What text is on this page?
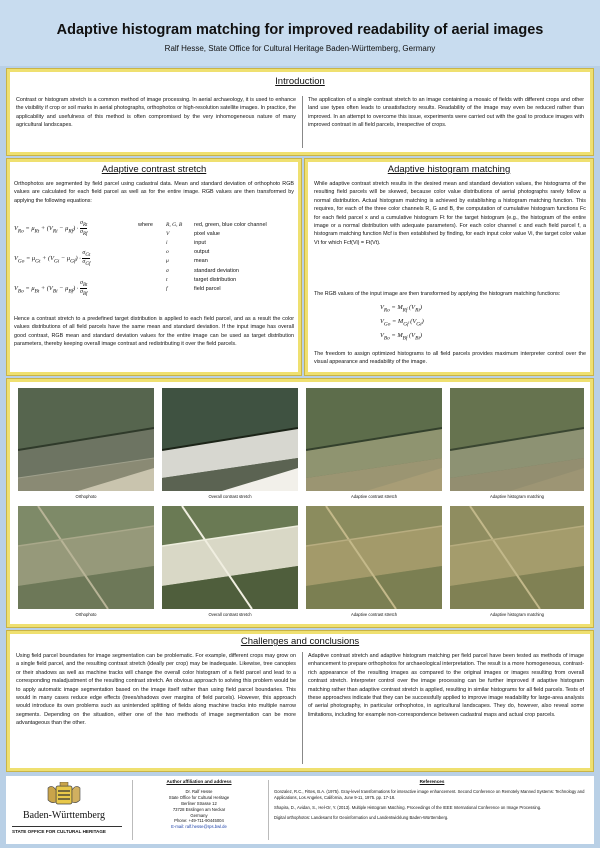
Adaptive histogram matching for improved readability of aerial images
Ralf Hesse, State Office for Cultural Heritage Baden-Württemberg, Germany
Introduction
Contrast or histogram stretch is a common method of image processing. In aerial archaeology, it is used to enhance the visibility if crop or soil marks in aerial photographs, orthophotos or high-resolution satellite images. In practice, the applicability and usefulness of this method is often compromised by the very inhomogeneous nature of many agricultural landscapes.
The application of a single contrast stretch to an image containing a mosaic of fields with different crops and other land use types often leads to unsatisfactory results. Readability of the image may even be reduced rather than improved. In an attempt to overcome this issue, experiments were carried out with the goal to produce images with improved contrast in all field parcels, irrespective of crops.
Adaptive contrast stretch
Orthophotos are segmented by field parcel using cadastral data. Mean and standard deviation of orthophoto RGB values are calculated for each field parcel as well as for the entire image. RGB values are then transformed by applying the following equations:
$V_{Ro} = \mu_{Rt} + (V_{Ri} - \mu_{Rf}) \cdot \frac{\sigma_{Rt}}{\sigma_{Rf}}$
$V_{Go} = \mu_{Gt} + (V_{Gi} - \mu_{Gf}) \cdot \frac{\sigma_{Gt}}{\sigma_{Gf}}$
$V_{Bo} = \mu_{Bt} + (V_{Bi} - \mu_{Bf}) \cdot \frac{\sigma_{Bt}}{\sigma_{Bf}}$
where R, G, B	red, green, blue color channel
V	pixel value
i	input
o	output
μ	mean
σ	standard deviation
t	target distribution
f	field parcel
Hence a contrast stretch to a predefined target distribution is applied to each field parcel, and as a result the color values distributions of all field parcels have the same mean and standard deviation. If the input image has overall good contrast, RGB mean and standard deviation values for the entire image can be used as target distribution parameters, thereby keeping overall image contrast and redistributing it over the field parcels.
Adaptive histogram matching
While adaptive contrast stretch results in the desired mean and standard deviation values, the histograms of the resulting field parcels will be skewed, because color value distributions of aerial photographs rarely follow a normal distribution. Actual histogram matching is achieved by establishing a histogram matching function. This requires, for each of the three color channels R, G and B, the computation of cumulative histogram functions Fc for each field parcel x and a cumulative histogram Ft for the target histogram (e.g., the histogram of the entire image or a normal distribution with adequate parameters). For each color channel c and each field parcel f, a histogram matching function Mcf is then established by finding, for each input color value Vi, the target color value Vt for which Fcf(Vi) = Ft(Vt).
The RGB values of the input image are then transformed by applying the histogram matching functions:
$V_{Ro} = M_{Rf}$ $(V_{Ri})$
$V_{Go} = M_{Gf}$ $(V_{Gi})$
$V_{Bo} = M_{Bf}$ $(V_{Bi})$
The freedom to assign optimized histograms to all field parcels provides maximum interpreter control over the visual appearance and readability of the image.
Orthophoto	Overall contrast stretch	Adaptive contrast stretch	Adaptive histogram matching
Orthophoto	Overall contrast stretch	Adaptive contrast stretch	Adaptive histogram matching
Challenges and conclusions
Using field parcel boundaries for image segmentation can be problematic. For example, different crops may grow on a single field parcel, and the resulting contrast stretch (ideally per crop) may be inadequate. Likewise, tree canopies or their shadows as well as machine tracks will change the overall color histogram of a field parcel and lead to a corresponding maladjustment of the resulting contrast stretch. An obvious approach to solving this problem would be to apply automatic image segmentation based on the image itself rather than using field parcel boundaries. This would in many cases reduce edge effects (trees/shadows over margins of field parcels). However, this approach would introduce its own problems such as unintended splitting of fields along machine tracks into multiple narrow segments. Depending on the situation, either one of the two methods of image segmentation can be more advantageous than the other.
Adaptive contrast stretch and adaptive histogram matching per field parcel have been tested as methods of image enhancement to prepare orthophotos for archaeological interpretation. The result is a more homogeneous, contrast-rich appearance of the resulting images as compared to the original images or images resulting from overall contrast stretch. Interpreter control over the image processing can be further improved if adaptive histogram matching rather than adaptive contrast stretch is applied, resulting in similar histograms for all field parcels. Tests of these approaches indicate that they can be successfully applied to improve image readability for large-area analysis of aerial photography, in particular orthophotos, in agricultural landscapes. They do, however, also reveal some limitations, including for example non-correspondence between cadastral maps and actual crop parcels.
Baden-Württemberg
STATE OFFICE FOR CULTURAL HERITAGE
Author affiliation and address
Dr. Ralf Hesse
State Office for Cultural Heritage
Berliner Strasse 12
73728 Esslingen am Neckar
Germany
Phone: +49-711-90445004
E-mail: ralf.hesse@rps.bwl.de
References
Gonzalez, R.C., Fittes, B.A. (1975). Gray-level transformations for interactive image enhancement. Second Conference on Remotely Manned Systems: Technology and Applications, Los Angeles, California, June 9-11, 1975. pp. 17-18.
Shapira, D., Avidan, S., Hel-Or, Y. (2013). Multiple Histogram Matching. Proceedings of the IEEE International Conference on Image Processing.
Digital orthophotos: Landesamt für Geoinformation und Landentwicklung Baden-Württemberg.
